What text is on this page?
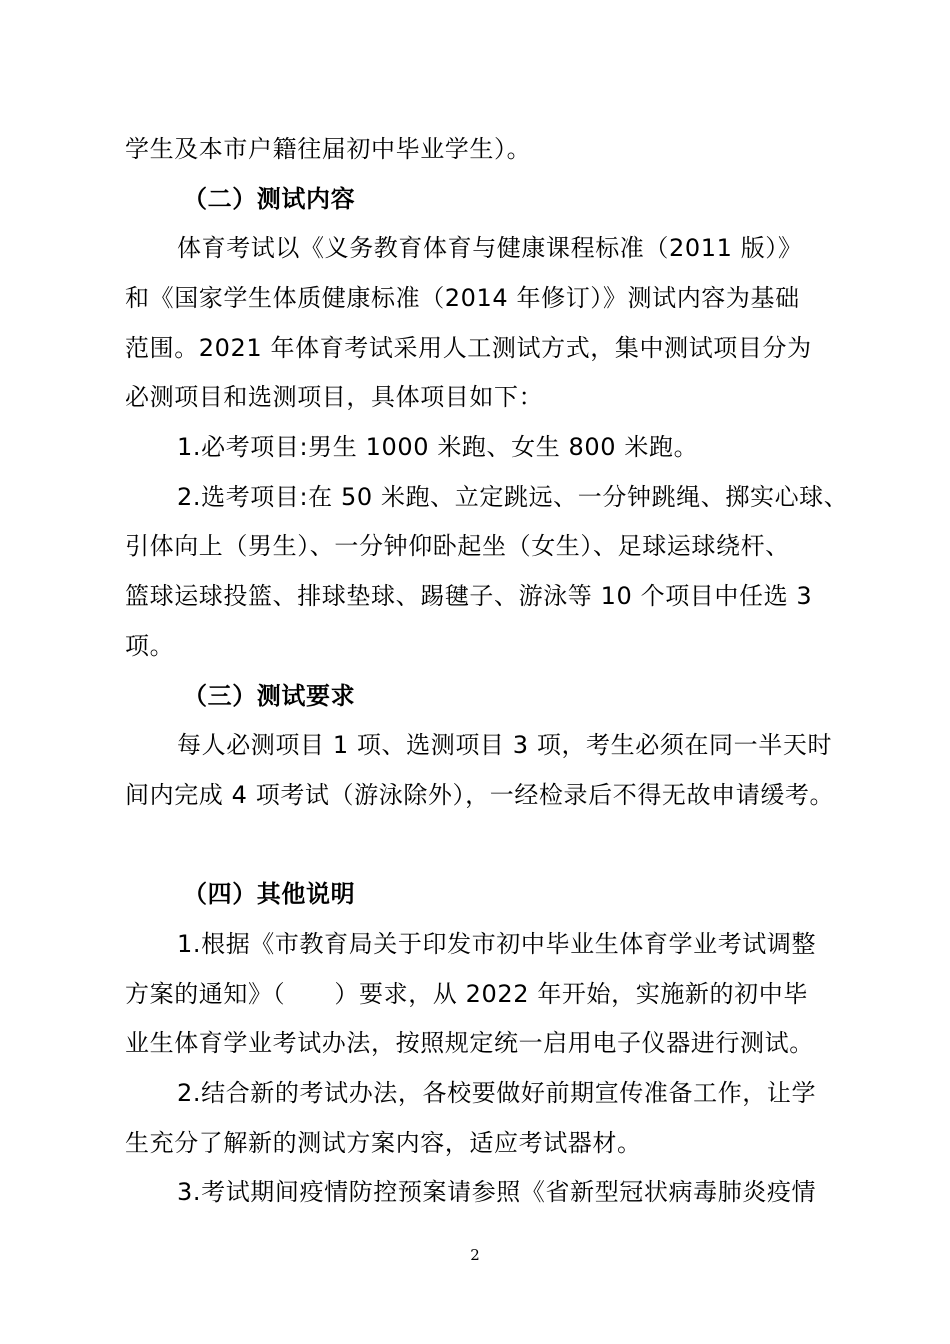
学生及本市户籍往届初中毕业学生）。
（二）测试内容
体育考试以《义务教育体育与健康课程标准（2011 版）》
和《国家学生体质健康标准（2014 年修订）》测试内容为基础
范围。2021 年体育考试采用人工测试方式，集中测试项目分为
必测项目和选测项目，具体项目如下：
1.必考项目:男生 1000 米跑、女生 800 米跑。
2.选考项目:在 50 米跑、立定跳远、一分钟跳绳、掷实心球、
引体向上（男生）、一分钟仰卧起坐（女生）、足球运球绕杆、
篮球运球投篮、排球垫球、踢毽子、游泳等 10 个项目中任选 3
项。
（三）测试要求
每人必测项目 1 项、选测项目 3 项，考生必须在同一半天时
间内完成 4 项考试（游泳除外），一经检录后不得无故申请缓考。
（四）其他说明
1.根据《市教育局关于印发市初中毕业生体育学业考试调整
方案的通知》（　　）要求，从 2022 年开始，实施新的初中毕
业生体育学业考试办法，按照规定统一启用电子仪器进行测试。
2.结合新的考试办法，各校要做好前期宣传准备工作，让学
生充分了解新的测试方案内容，适应考试器材。
3.考试期间疫情防控预案请参照《省新型冠状病毒肺炎疫情
2
